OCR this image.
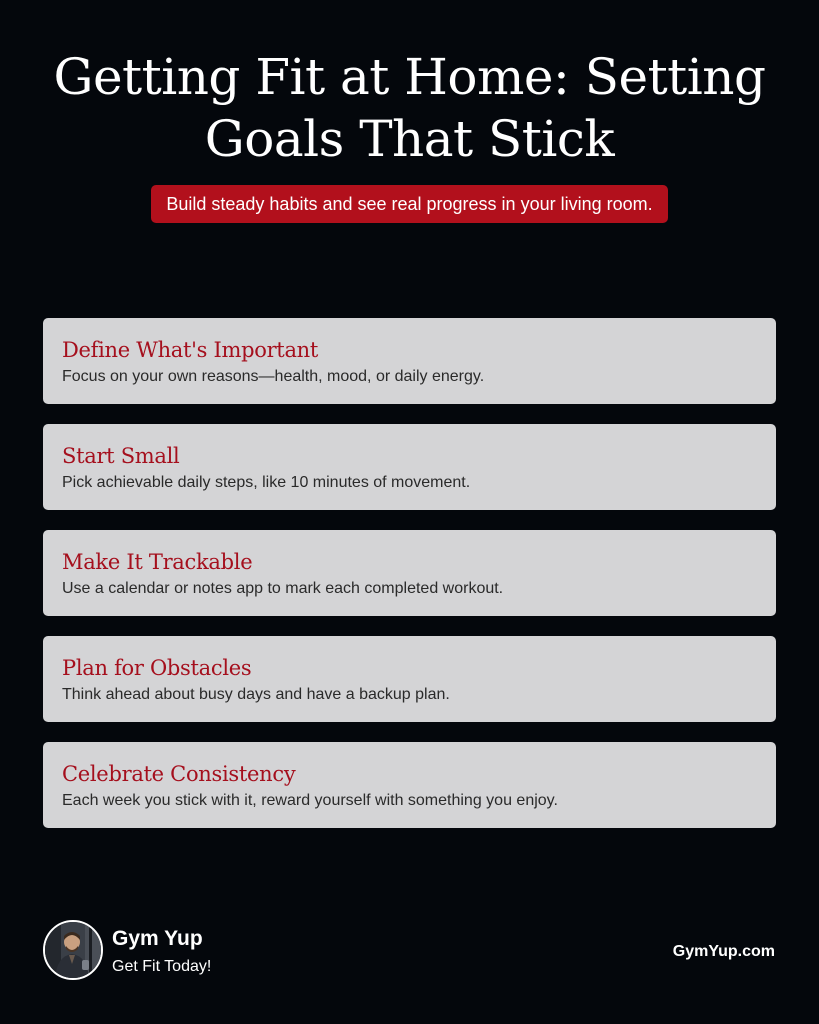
Getting Fit at Home: Setting Goals That Stick
Build steady habits and see real progress in your living room.
Define What's Important
Focus on your own reasons—health, mood, or daily energy.
Start Small
Pick achievable daily steps, like 10 minutes of movement.
Make It Trackable
Use a calendar or notes app to mark each completed workout.
Plan for Obstacles
Think ahead about busy days and have a backup plan.
Celebrate Consistency
Each week you stick with it, reward yourself with something you enjoy.
Gym Yup
Get Fit Today!
GymYup.com
